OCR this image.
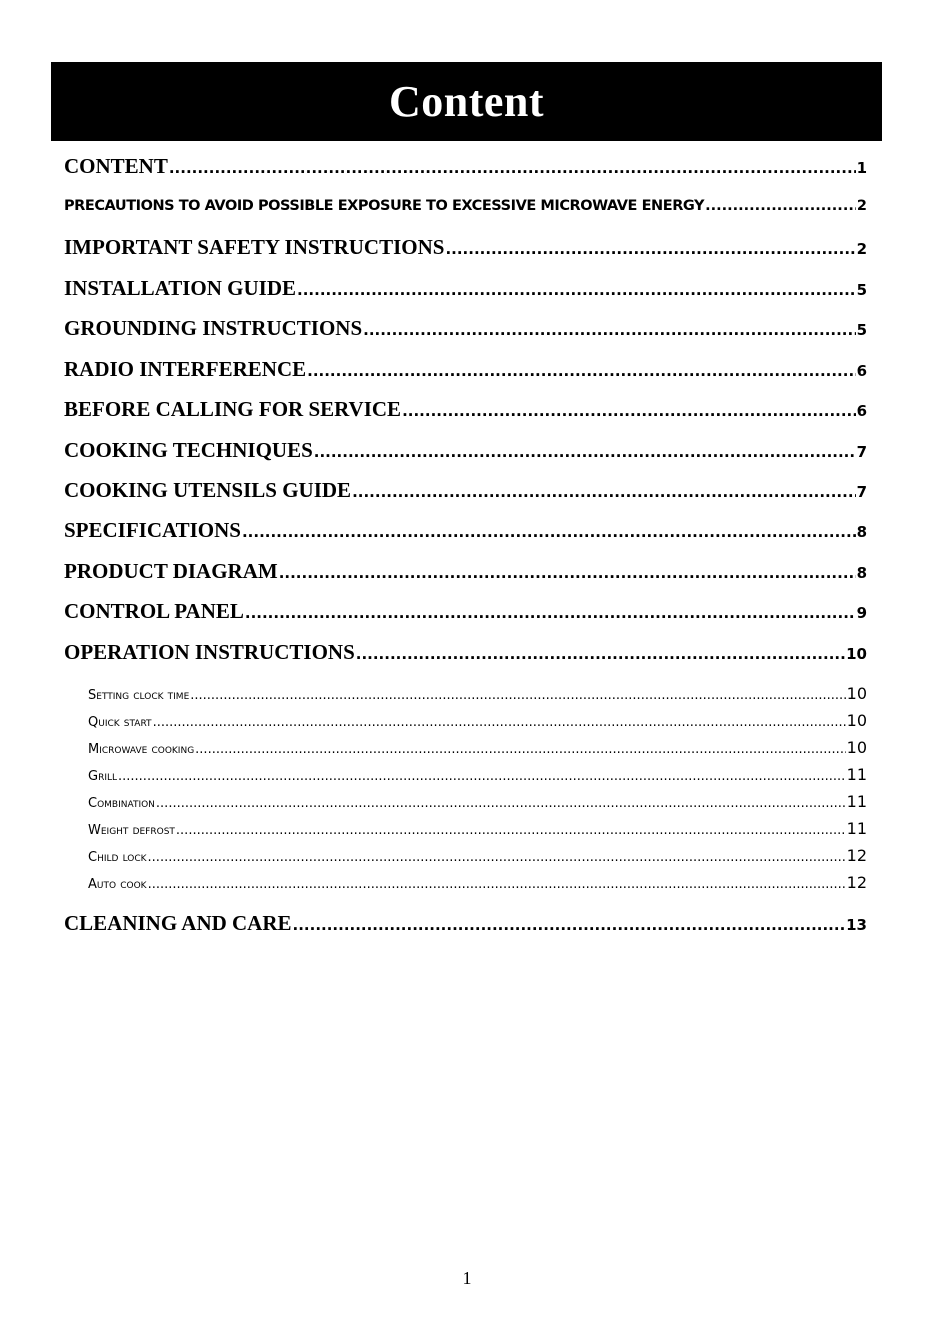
Content
CONTENT .....	1
PRECAUTIONS TO AVOID POSSIBLE EXPOSURE TO EXCESSIVE MICROWAVE ENERGY .....	2
IMPORTANT SAFETY INSTRUCTIONS .....	2
INSTALLATION GUIDE .....	5
GROUNDING INSTRUCTIONS .....	5
RADIO INTERFERENCE .....	6
BEFORE CALLING FOR SERVICE .....	6
COOKING TECHNIQUES .....	7
COOKING UTENSILS GUIDE .....	7
SPECIFICATIONS .....	8
PRODUCT DIAGRAM .....	8
CONTROL PANEL .....	9
OPERATION INSTRUCTIONS .....	10
Setting clock time .....	10
Quick start .....	10
Microwave cooking .....	10
Grill .....	11
Combination .....	11
Weight defrost .....	11
Child lock .....	12
Auto cook .....	12
CLEANING AND CARE .....	13
1
